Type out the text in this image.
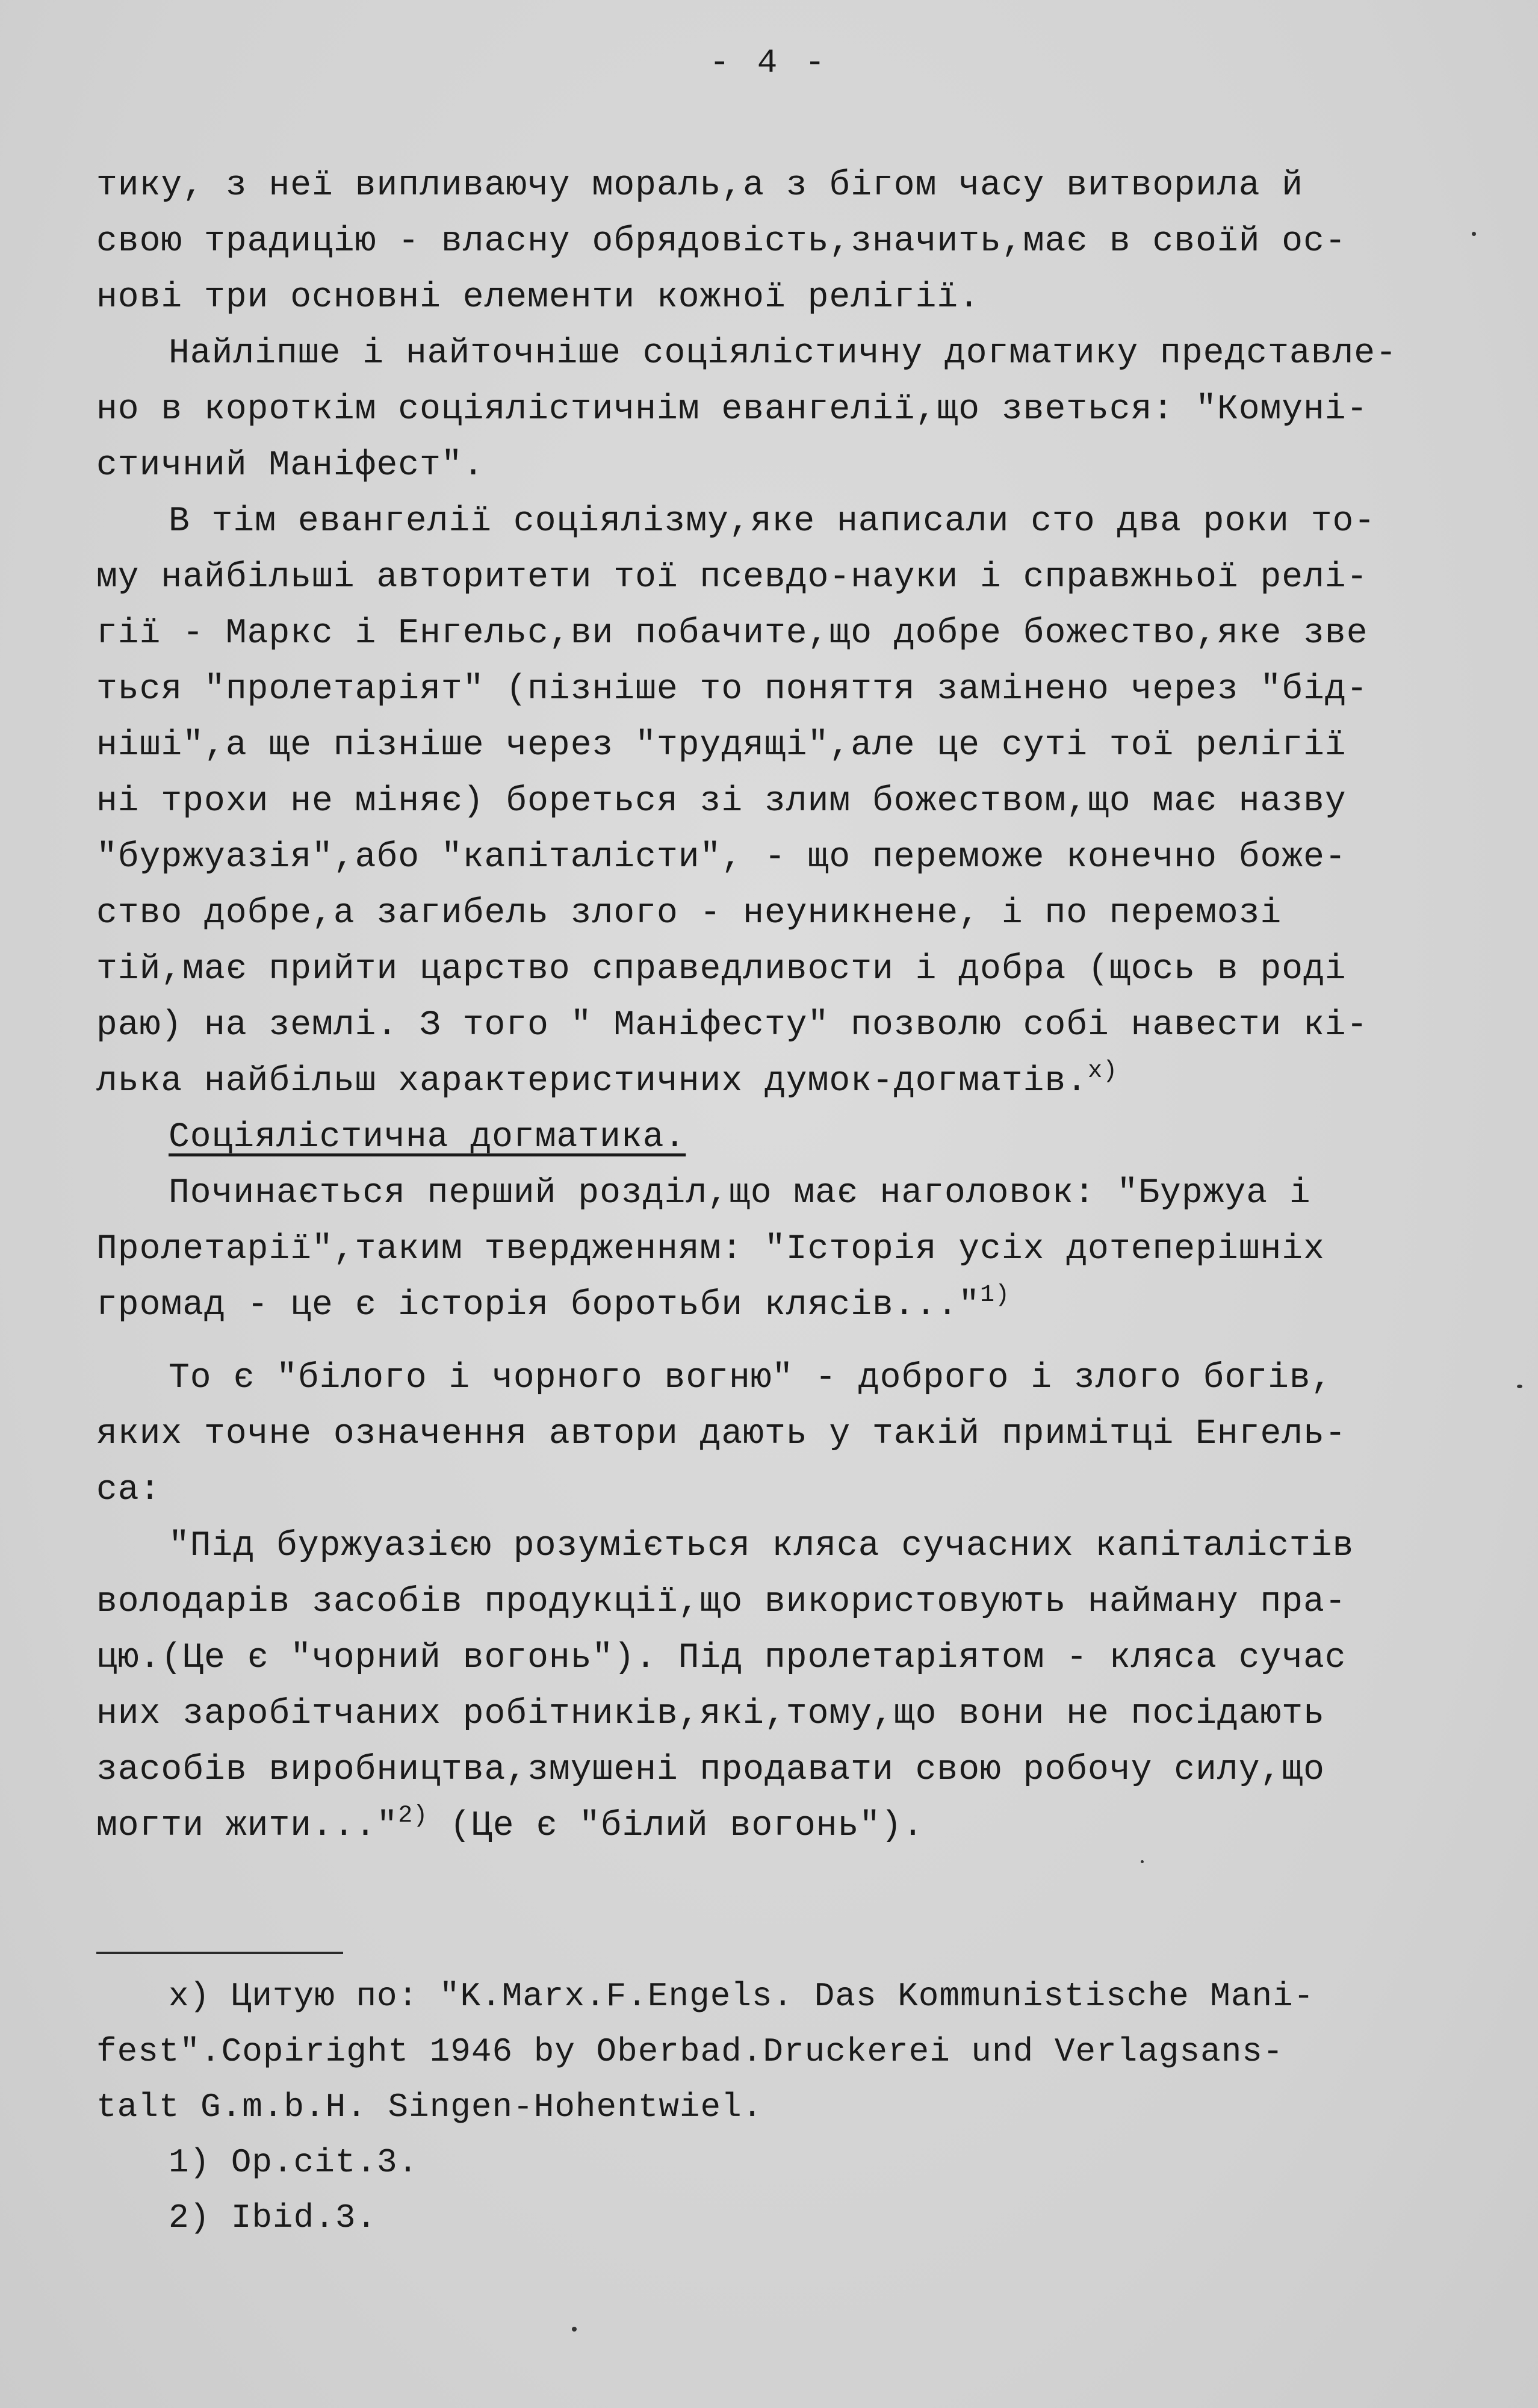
- 4 -
тику, з неї випливаючу мораль,а з бігом часу витворила й
свою традицію - власну обрядовість,значить,має в своїй ос-
нові три основні елементи кожної релігії.
Найліпше і найточніше соціялістичну догматику представле-
но в короткім соціялістичнім евангелії,що зветься: "Комуні-
стичний Маніфест".
В тім евангелії соціялізму,яке написали сто два роки то-
му найбільші авторитети тої псевдо-науки і справжньої релі-
гії - Маркс і Енгельс,ви побачите,що добре божество,яке зве
ться "пролетаріят" (пізніше то поняття замінено через "бід-
ніші",а ще пізніше через "трудящі",але це суті тої релігії
ні трохи не міняє) бореться зі злим божеством,що має назву
"буржуазія",або "капіталісти", - що переможе конечно боже-
ство добре,а загибель злого - неуникнене, і по перемозі
тій,має прийти царство справедливости і добра (щось в роді
раю) на землі. З того " Маніфесту" позволю собі навести кі-
лька найбільш характеристичних думок-догматів.$^{x)}$
Соціялістична догматика.
Починається перший розділ,що має наголовок: "Буржуа і
Пролетарії",таким твердженням: "Історія усіх дотеперішніх
громад - це є історія боротьби клясів..."$^{1)}$
То є "білого і чорного вогню" - доброго і злого богів,
яких точне означення автори дають у такій примітці Енгель-
са:
"Під буржуазією розуміється кляса сучасних капіталістів
володарів засобів продукції,що використовують найману пра-
цю.(Це є "чорний вогонь"). Під пролетаріятом - кляса сучас
них заробітчаних робітників,які,тому,що вони не посідають
засобів виробництва,змушені продавати свою робочу силу,що
могти жити..."$^{2)}$ (Це є "білий вогонь").
x) Цитую по: "K.Marx.F.Engels. Das Kommunistische Mani-
fest".Copiright 1946 by Oberbad.Druckerei und Verlagsans-
talt G.m.b.H. Singen-Hohentwiel.
1) Op.cit.3.
2) Ibid.3.
